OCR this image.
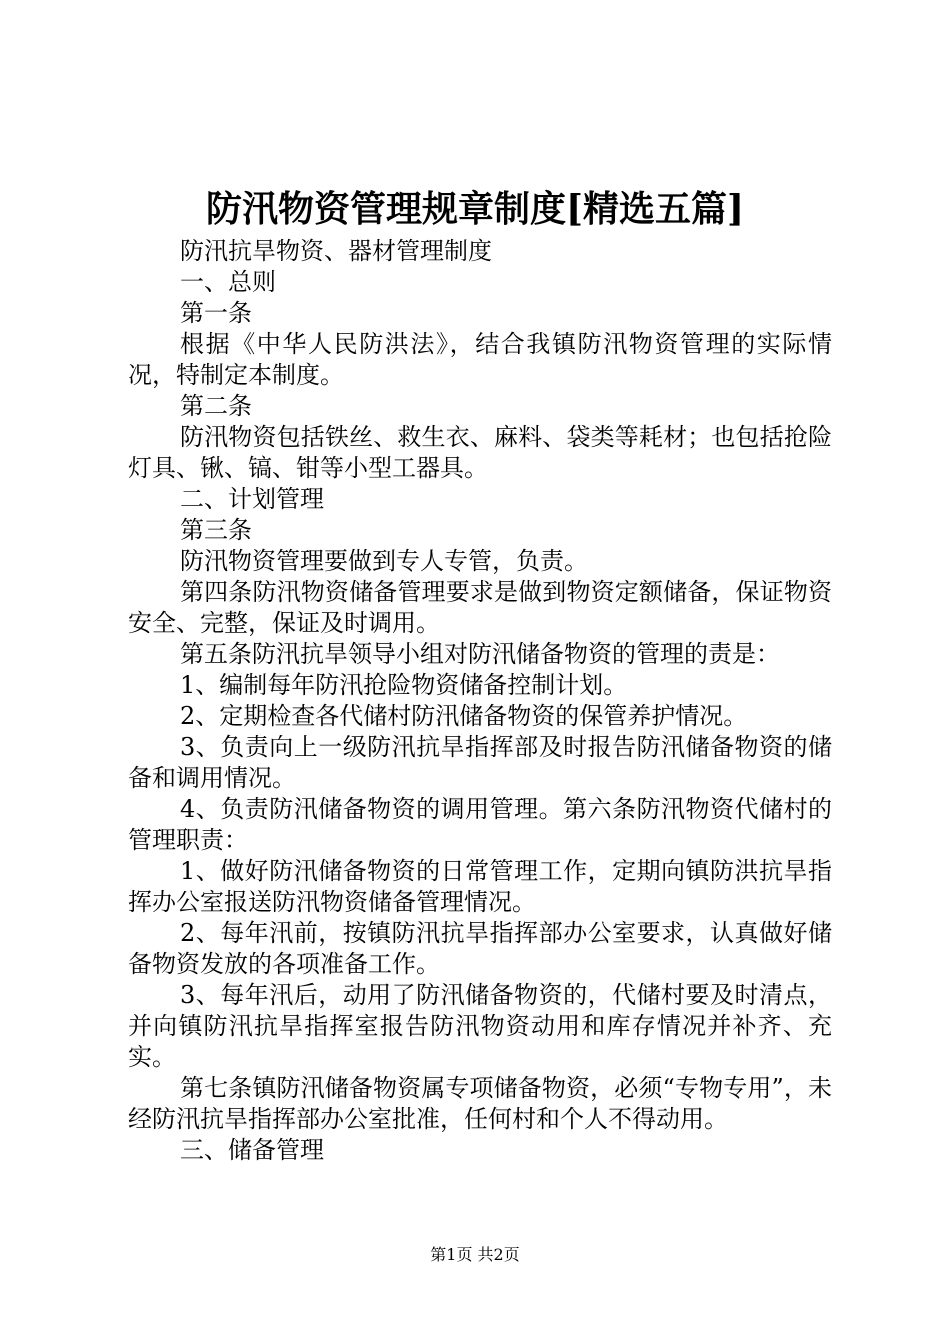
防汛物资管理规章制度[精选五篇]

防汛抗旱物资、器材管理制度

一、总则

第一条

根据《中华人民防洪法》，结合我镇防汛物资管理的实际情况，特制定本制度。

第二条

防汛物资包括铁丝、救生衣、麻料、袋类等耗材；也包括抢险灯具、锹、镐、钳等小型工器具。

二、计划管理

第三条

防汛物资管理要做到专人专管，负责。

第四条防汛物资储备管理要求是做到物资定额储备，保证物资安全、完整，保证及时调用。

第五条防汛抗旱领导小组对防汛储备物资的管理的责是：

1、编制每年防汛抢险物资储备控制计划。

2、定期检查各代储村防汛储备物资的保管养护情况。

3、负责向上一级防汛抗旱指挥部及时报告防汛储备物资的储备和调用情况。

4、负责防汛储备物资的调用管理。第六条防汛物资代储村的管理职责：

1、做好防汛储备物资的日常管理工作，定期向镇防洪抗旱指挥办公室报送防汛物资储备管理情况。

2、每年汛前，按镇防汛抗旱指挥部办公室要求，认真做好储备物资发放的各项准备工作。

3、每年汛后，动用了防汛储备物资的，代储村要及时清点，并向镇防汛抗旱指挥室报告防汛物资动用和库存情况并补齐、充实。

第七条镇防汛储备物资属专项储备物资，必须“专物专用”，未经防汛抗旱指挥部办公室批准，任何村和个人不得动用。

三、储备管理

第1页 共2页
